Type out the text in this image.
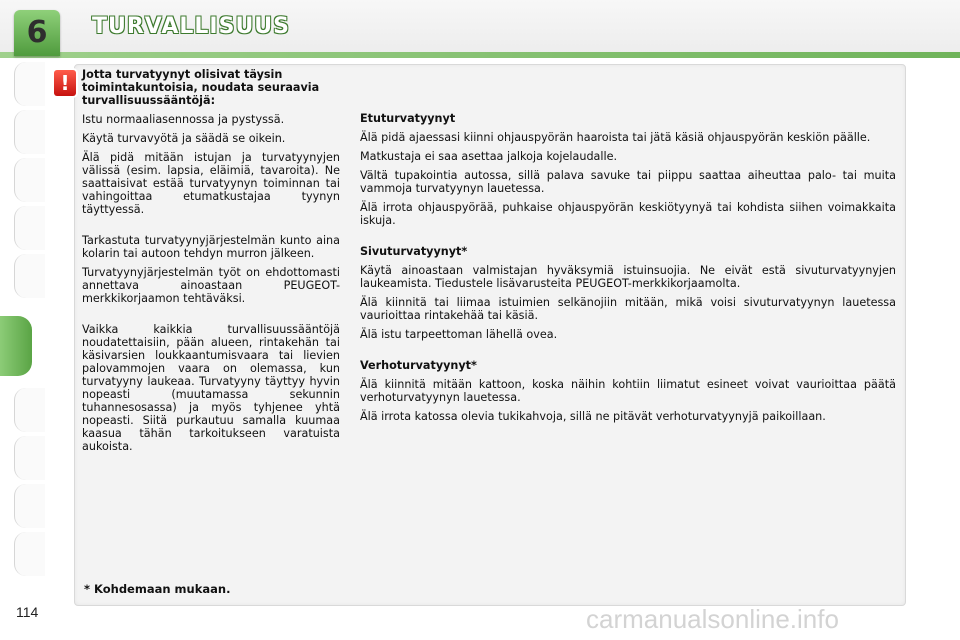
6	TURVALLISUUS
!	Jotta turvatyynyt olisivat täysin toimintakuntoisia, noudata seuraavia turvallisuussääntöjä:

Istu normaaliasennossa ja pystyssä.

Käytä turvavyötä ja säädä se oikein.

Älä pidä mitään istujan ja turvatyynyjen välissä (esim. lapsia, eläimiä, tavaroita). Ne saattaisivat estää turvatyynyn toiminnan tai vahingoittaa etumatkustajaa tyynyn täyttyessä.

Tarkastuta turvatyynyjärjestelmän kunto aina kolarin tai autoon tehdyn murron jälkeen.

Turvatyynyjärjestelmän työt on ehdottomasti annettava ainoastaan PEUGEOT-merkkikorjaamon tehtäväksi.

Vaikka kaikkia turvallisuussääntöjä noudatettaisiin, pään alueen, rintakehän tai käsivarsien loukkaantumisvaara tai lievien palovammojen vaara on olemassa, kun turvatyyny laukeaa. Turvatyyny täyttyy hyvin nopeasti (muutamassa sekunnin tuhannesosassa) ja myös tyhjenee yhtä nopeasti. Siitä purkautuu samalla kuumaa kaasua tähän tarkoitukseen varatuista aukoista.

Etuturvatyynyt

Älä pidä ajaessasi kiinni ohjauspyörän haaroista tai jätä käsiä ohjauspyörän keskiön päälle.

Matkustaja ei saa asettaa jalkoja kojelaudalle.

Vältä tupakointia autossa, sillä palava savuke tai piippu saattaa aiheuttaa palo- tai muita vammoja turvatyynyn lauetessa.

Älä irrota ohjauspyörää, puhkaise ohjauspyörän keskiötyynyä tai kohdista siihen voimakkaita iskuja.

Sivuturvatyynyt*

Käytä ainoastaan valmistajan hyväksymiä istuinsuojia. Ne eivät estä sivuturvatyynyjen laukeamista. Tiedustele lisävarusteita PEUGEOT-merkkikorjaamolta.

Älä kiinnitä tai liimaa istuimien selkänojiin mitään, mikä voisi sivuturvatyynyn lauetessa vaurioittaa rintakehää tai käsiä.

Älä istu tarpeettoman lähellä ovea.

Verhoturvatyynyt*

Älä kiinnitä mitään kattoon, koska näihin kohtiin liimatut esineet voivat vaurioittaa päätä verhoturvatyynyn lauetessa.

Älä irrota katossa olevia tukikahvoja, sillä ne pitävät verhoturvatyynyjä paikoillaan.

* Kohdemaan mukaan.
114	carmanualsonline.info
